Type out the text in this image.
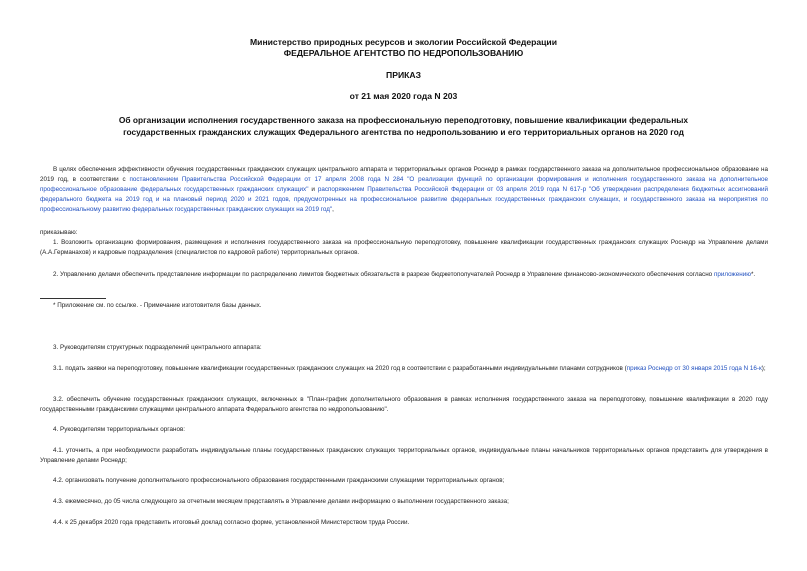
Министерство природных ресурсов и экологии Российской Федерации
ФЕДЕРАЛЬНОЕ АГЕНТСТВО ПО НЕДРОПОЛЬЗОВАНИЮ
ПРИКАЗ
от 21 мая 2020 года N 203
Об организации исполнения государственного заказа на профессиональную переподготовку, повышение квалификации федеральных государственных гражданских служащих Федерального агентства по недропользованию и его территориальных органов на 2020 год
В целях обеспечения эффективности обучения государственных гражданских служащих центрального аппарата и территориальных органов Роснедр в рамках государственного заказа на дополнительное профессиональное образование на 2019 год, в соответствии с постановлением Правительства Российской Федерации от 17 апреля 2008 года N 284 "О реализации функций по организации формирования и исполнения государственного заказа на дополнительное профессиональное образование федеральных государственных гражданских служащих" и распоряжением Правительства Российской Федерации от 03 апреля 2019 года N 617-р "Об утверждении распределения бюджетных ассигнований федерального бюджета на 2019 год и на плановый период 2020 и 2021 годов, предусмотренных на профессиональное развитие федеральных государственных гражданских служащих, и государственного заказа на мероприятия по профессиональному развитию федеральных государственных гражданских служащих на 2019 год",
приказываю:
1. Возложить организацию формирования, размещения и исполнения государственного заказа на профессиональную переподготовку, повышение квалификации государственных гражданских служащих Роснедр на Управление делами (А.А.Германахов) и кадровые подразделения (специалистов по кадровой работе) территориальных органов.
2. Управлению делами обеспечить представление информации по распределению лимитов бюджетных обязательств в разрезе бюджетополучателей Роснедр в Управление финансово-экономического обеспечения согласно приложению*.
* Приложение см. по ссылке. - Примечание изготовителя базы данных.
3. Руководителям структурных подразделений центрального аппарата:
3.1. подать заявки на переподготовку, повышение квалификации государственных гражданских служащих на 2020 год в соответствии с разработанными индивидуальными планами сотрудников (приказ Роснедр от 30 января 2015 года N 16-к);
3.2. обеспечить обучение государственных гражданских служащих, включенных в "План-график дополнительного образования в рамках исполнения государственного заказа на переподготовку, повышение квалификации в 2020 году государственными гражданскими служащими центрального аппарата Федерального агентства по недропользованию".
4. Руководителям территориальных органов:
4.1. уточнить, а при необходимости разработать индивидуальные планы государственных гражданских служащих территориальных органов, индивидуальные планы начальников территориальных органов представить для утверждения в Управление делами Роснедр;
4.2. организовать получение дополнительного профессионального образования государственными гражданскими служащими территориальных органов;
4.3. ежемесячно, до 05 числа следующего за отчетным месяцем представлять в Управление делами информацию о выполнении государственного заказа;
4.4. к 25 декабря 2020 года представить итоговый доклад согласно форме, установленной Министерством труда России.
